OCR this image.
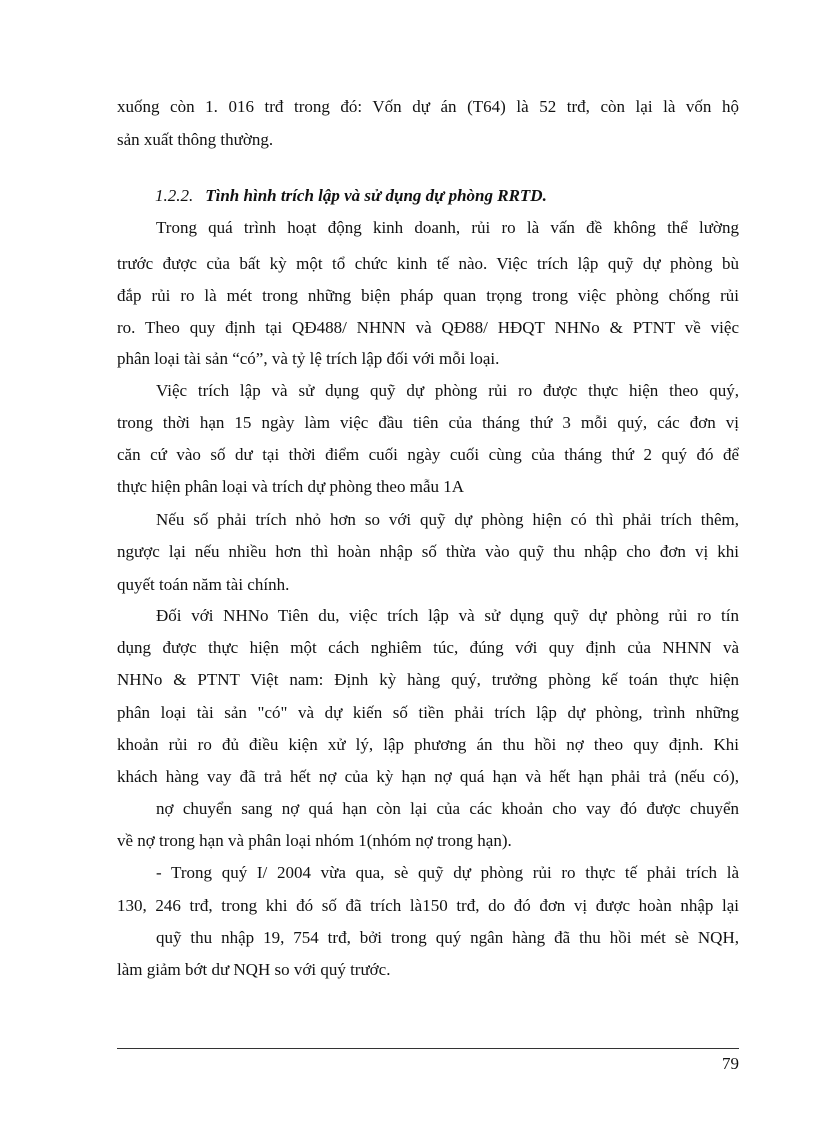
xuống còn 1. 016 trđ trong đó: Vốn dự án (T64) là 52 trđ, còn lại là vốn hộ
sản xuất thông thường.
1.2.2. Tình hình trích lập và sử dụng dự phòng RRTD.
Trong quá trình hoạt động kinh doanh, rủi ro là vấn đề không thể lường
trước được của bất kỳ một tổ chức kinh tế nào. Việc trích lập quỹ dự phòng bù
đắp rủi ro là mét trong những biện pháp quan trọng trong việc phòng chống rủi
ro. Theo quy định tại QĐ488/ NHNN và QĐ88/ HĐQT NHNo & PTNT về việc
phân loại tài sản “có”, và tỷ lệ trích lập đối với mỗi loại.
Việc trích lập và sử dụng quỹ dự phòng rủi ro được thực hiện theo quý,
trong thời hạn 15 ngày làm việc đầu tiên của tháng thứ 3 mỗi quý, các đơn vị
căn cứ vào số dư tại thời điểm cuối ngày cuối cùng của tháng thứ 2 quý đó để
thực hiện phân loại và trích dự phòng theo mẫu 1A
Nếu số phải trích nhỏ hơn so với quỹ dự phòng hiện có thì phải trích thêm,
ngược lại nếu nhiều hơn thì hoàn nhập số thừa vào quỹ thu nhập cho đơn vị khi
quyết toán năm tài chính.
Đối với NHNo Tiên du, việc trích lập và sử dụng quỹ dự phòng rủi ro tín
dụng được thực hiện một cách nghiêm túc, đúng với quy định của NHNN và
NHNo & PTNT Việt nam: Định kỳ hàng quý, trưởng phòng kế toán thực hiện
phân loại tài sản "có" và dự kiến số tiền phải trích lập dự phòng, trình những
khoản rủi ro đủ điều kiện xử lý, lập phương án thu hồi nợ theo quy định. Khi
khách hàng vay đã trả hết nợ của kỳ hạn nợ quá hạn và hết hạn phải trả (nếu có),
nợ chuyển sang nợ quá hạn còn lại của các khoản cho vay đó được chuyển
về nợ trong hạn và phân loại nhóm 1(nhóm nợ trong hạn).
- Trong quý I/ 2004 vừa qua, sè quỹ dự phòng rủi ro thực tế phải trích là
130, 246 trđ, trong khi đó số đã trích là150 trđ, do đó đơn vị được hoàn nhập lại
quỹ thu nhập 19, 754 trđ, bởi trong quý ngân hàng đã thu hồi mét sè NQH,
làm giảm bớt dư NQH so với quý trước.
79
